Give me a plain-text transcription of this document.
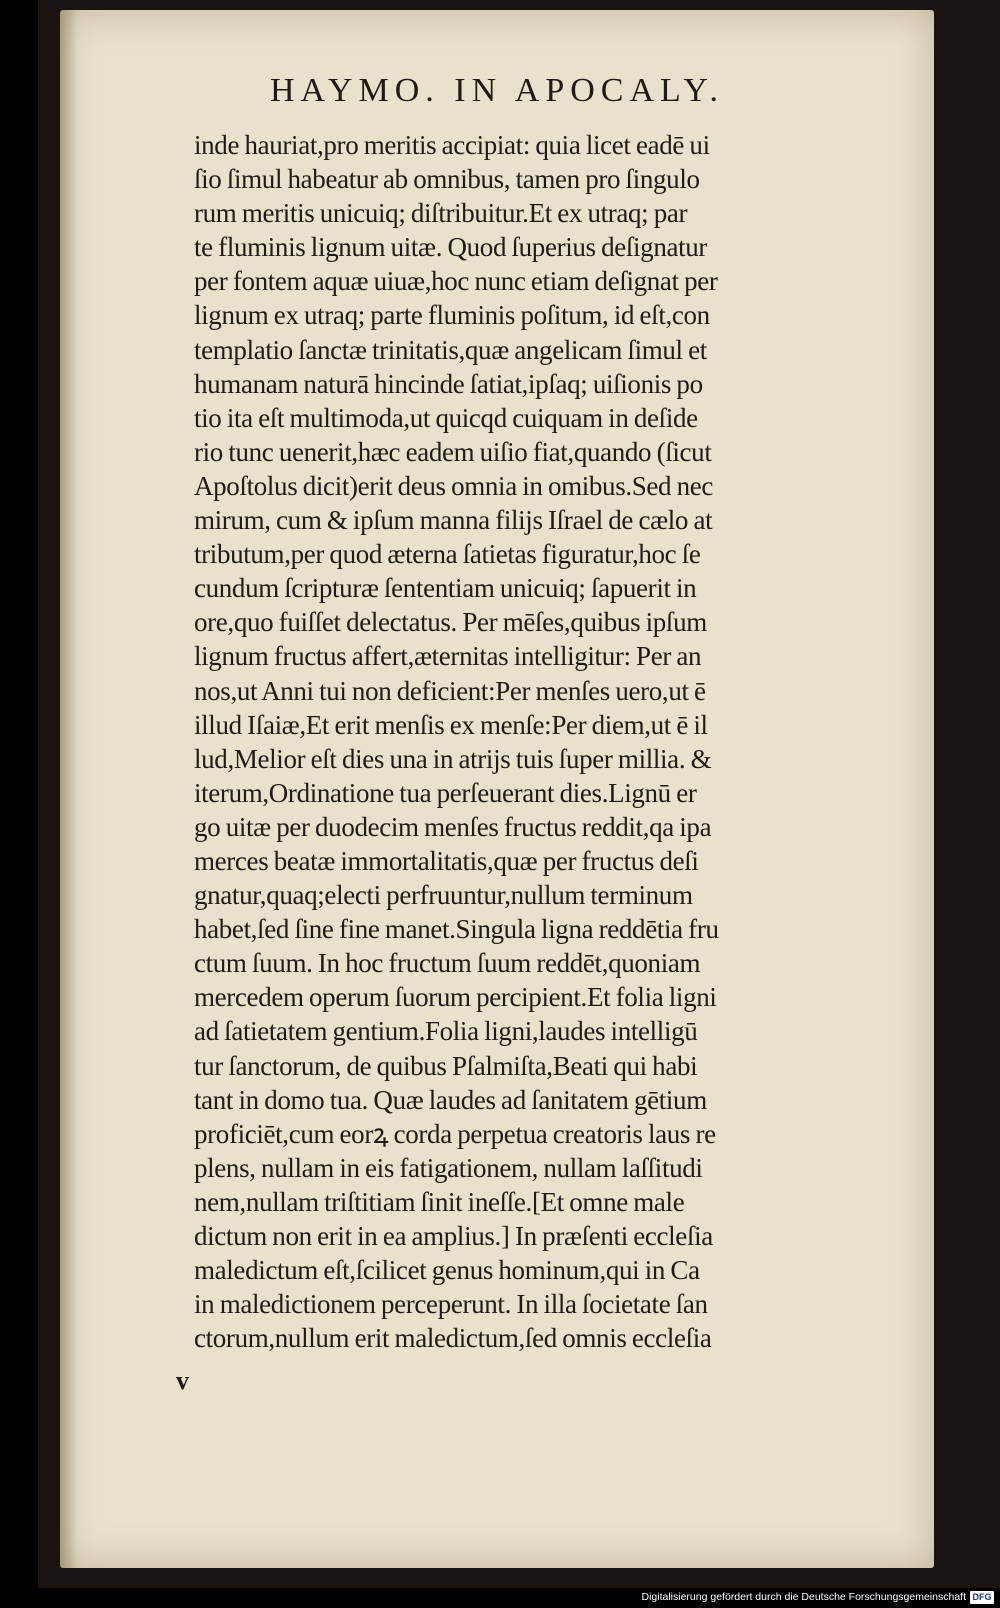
HAYMO. IN APOCALY.
inde hauriat,pro meritis accipiat: quia licet eadē ui
ſio ſimul habeatur ab omnibus, tamen pro ſingulo
rum meritis unicuiq; diſtribuitur.Et ex utraq; par
te fluminis lignum uitæ. Quod ſuperius deſignatur
per fontem aquæ uiuæ,hoc nunc etiam deſignat per
lignum ex utraq; parte fluminis poſitum, id eſt,con
templatio ſanctæ trinitatis,quæ angelicam ſimul et
humanam naturā hincinde ſatiat,ipſaq; uiſionis po
tio ita eſt multimoda,ut quicqd cuiquam in deſide
rio tunc uenerit,hæc eadem uiſio fiat,quando (ſicut
Apoſtolus dicit)erit deus omnia in omibus.Sed nec
mirum, cum & ipſum manna filijs Iſrael de cælo at
tributum,per quod æterna ſatietas figuratur,hoc ſe
cundum ſcripturæ ſententiam unicuiq; ſapuerit in
ore,quo fuiſſet delectatus. Per mēſes,quibus ipſum
lignum fructus affert,æternitas intelligitur: Per an
nos,ut Anni tui non deficient:Per menſes uero,ut ē
illud Iſaiæ,Et erit menſis ex menſe:Per diem,ut ē il
lud,Melior eſt dies una in atrijs tuis ſuper millia. &
iterum,Ordinatione tua perſeuerant dies.Lignū er
go uitæ per duodecim menſes fructus reddit,qa ipa
merces beatæ immortalitatis,quæ per fructus deſi
gnatur,quaq;electi perfruuntur,nullum terminum
habet,ſed ſine fine manet.Singula ligna reddētia fru
ctum ſuum. In hoc fructum ſuum reddēt,quoniam
mercedem operum ſuorum percipient.Et folia ligni
ad ſatietatem gentium.Folia ligni,laudes intelligū
tur ſanctorum, de quibus Pſalmiſta,Beati qui habi
tant in domo tua. Quæ laudes ad ſanitatem gētium
proficiēt,cum eorꝝ corda perpetua creatoris laus re
plens, nullam in eis fatigationem, nullam laſſitudi
nem,nullam triſtitiam ſinit ineſſe.[Et omne male
dictum non erit in ea amplius.] In præſenti eccleſia
maledictum eſt,ſcilicet genus hominum,qui in Ca
in maledictionem perceperunt. In illa ſocietate ſan
ctorum,nullum erit maledictum,ſed omnis eccleſia
v
Digitalisierung gefördert durch die Deutsche Forschungsgemeinschaft DFG
